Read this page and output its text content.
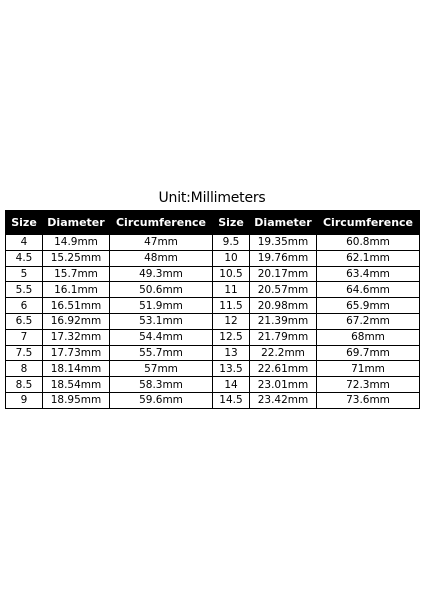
Unit:Millimeters
Size	Diameter	Circumference	Size	Diameter	Circumference
4	14.9mm	47mm	9.5	19.35mm	60.8mm
4.5	15.25mm	48mm	10	19.76mm	62.1mm
5	15.7mm	49.3mm	10.5	20.17mm	63.4mm
5.5	16.1mm	50.6mm	11	20.57mm	64.6mm
6	16.51mm	51.9mm	11.5	20.98mm	65.9mm
6.5	16.92mm	53.1mm	12	21.39mm	67.2mm
7	17.32mm	54.4mm	12.5	21.79mm	68mm
7.5	17.73mm	55.7mm	13	22.2mm	69.7mm
8	18.14mm	57mm	13.5	22.61mm	71mm
8.5	18.54mm	58.3mm	14	23.01mm	72.3mm
9	18.95mm	59.6mm	14.5	23.42mm	73.6mm
